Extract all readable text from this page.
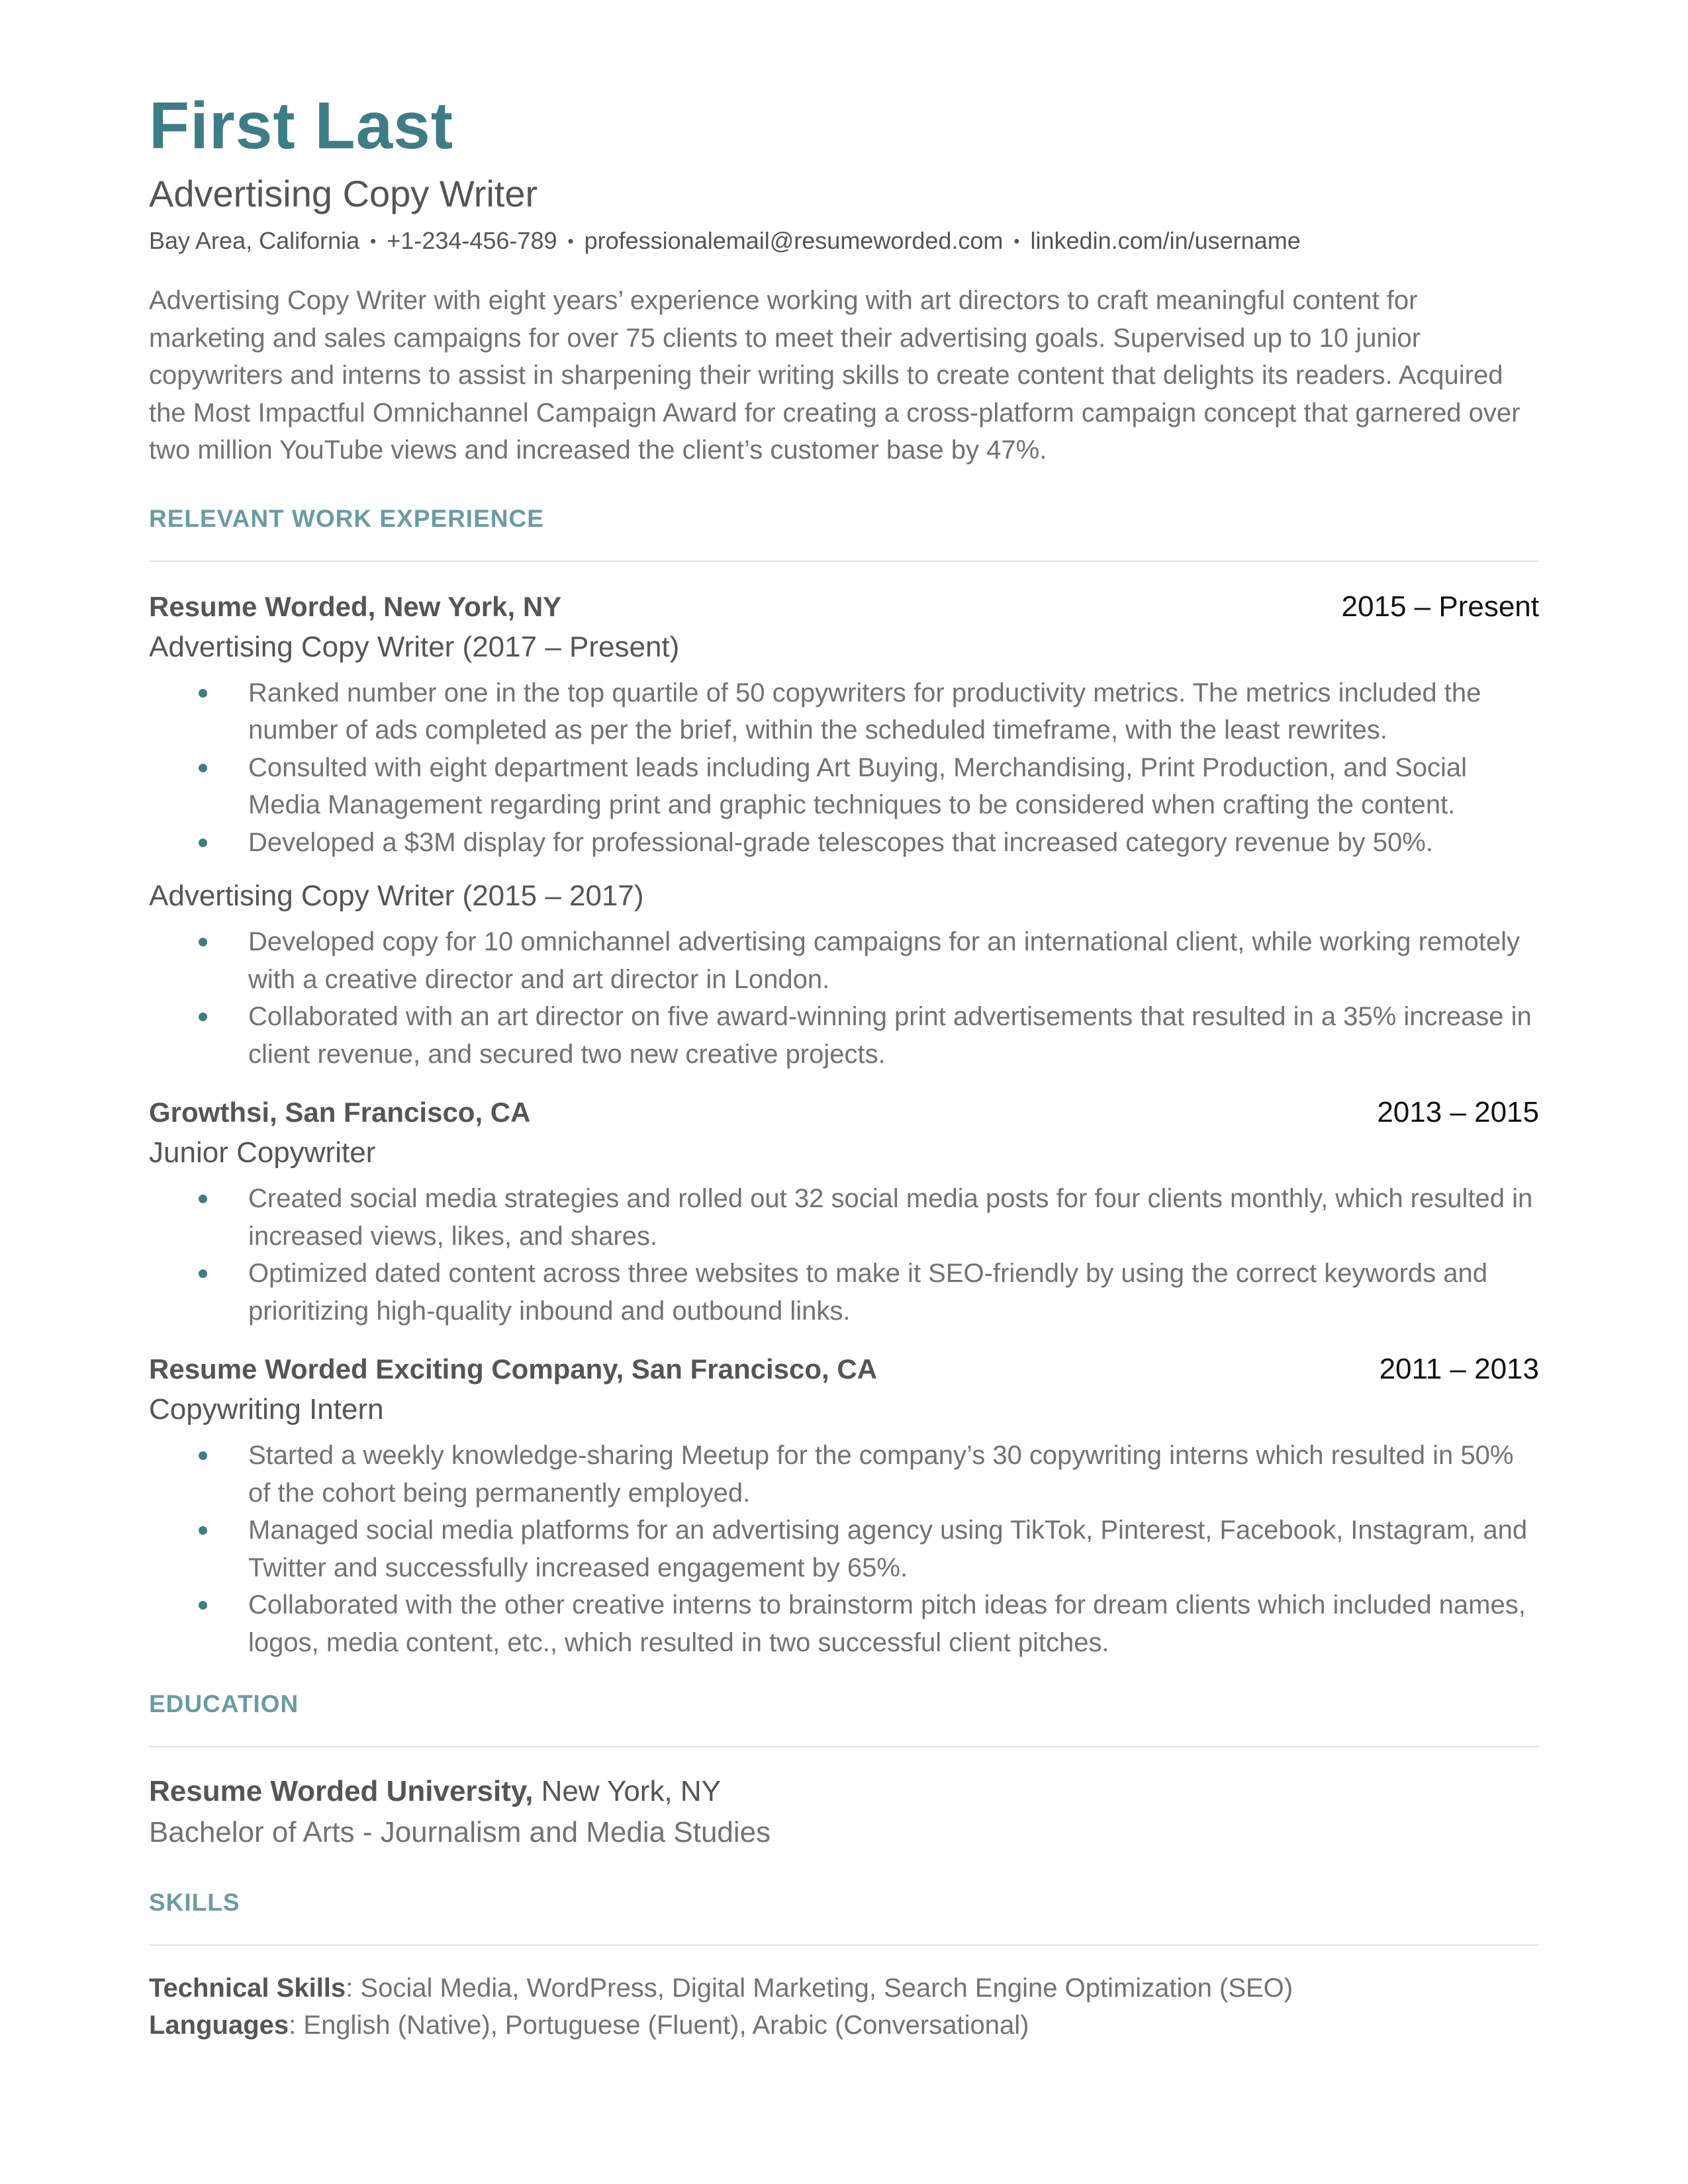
First Last
Advertising Copy Writer
Bay Area, California • +1-234-456-789 • professionalemail@resumeworded.com • linkedin.com/in/username
Advertising Copy Writer with eight years’ experience working with art directors to craft meaningful content for marketing and sales campaigns for over 75 clients to meet their advertising goals. Supervised up to 10 junior copywriters and interns to assist in sharpening their writing skills to create content that delights its readers. Acquired the Most Impactful Omnichannel Campaign Award for creating a cross-platform campaign concept that garnered over two million YouTube views and increased the client’s customer base by 47%.
RELEVANT WORK EXPERIENCE
Resume Worded, New York, NY	2015 – Present
Advertising Copy Writer (2017 – Present)
Ranked number one in the top quartile of 50 copywriters for productivity metrics. The metrics included the number of ads completed as per the brief, within the scheduled timeframe, with the least rewrites.
Consulted with eight department leads including Art Buying, Merchandising, Print Production, and Social Media Management regarding print and graphic techniques to be considered when crafting the content.
Developed a $3M display for professional-grade telescopes that increased category revenue by 50%.
Advertising Copy Writer (2015 – 2017)
Developed copy for 10 omnichannel advertising campaigns for an international client, while working remotely with a creative director and art director in London.
Collaborated with an art director on five award-winning print advertisements that resulted in a 35% increase in client revenue, and secured two new creative projects.
Growthsi, San Francisco, CA	2013 – 2015
Junior Copywriter
Created social media strategies and rolled out 32 social media posts for four clients monthly, which resulted in increased views, likes, and shares.
Optimized dated content across three websites to make it SEO-friendly by using the correct keywords and prioritizing high-quality inbound and outbound links.
Resume Worded Exciting Company, San Francisco, CA	2011 – 2013
Copywriting Intern
Started a weekly knowledge-sharing Meetup for the company’s 30 copywriting interns which resulted in 50% of the cohort being permanently employed.
Managed social media platforms for an advertising agency using TikTok, Pinterest, Facebook, Instagram, and Twitter and successfully increased engagement by 65%.
Collaborated with the other creative interns to brainstorm pitch ideas for dream clients which included names, logos, media content, etc., which resulted in two successful client pitches.
EDUCATION
Resume Worded University, New York, NY
Bachelor of Arts - Journalism and Media Studies
SKILLS
Technical Skills: Social Media, WordPress, Digital Marketing, Search Engine Optimization (SEO)
Languages: English (Native), Portuguese (Fluent), Arabic (Conversational)
